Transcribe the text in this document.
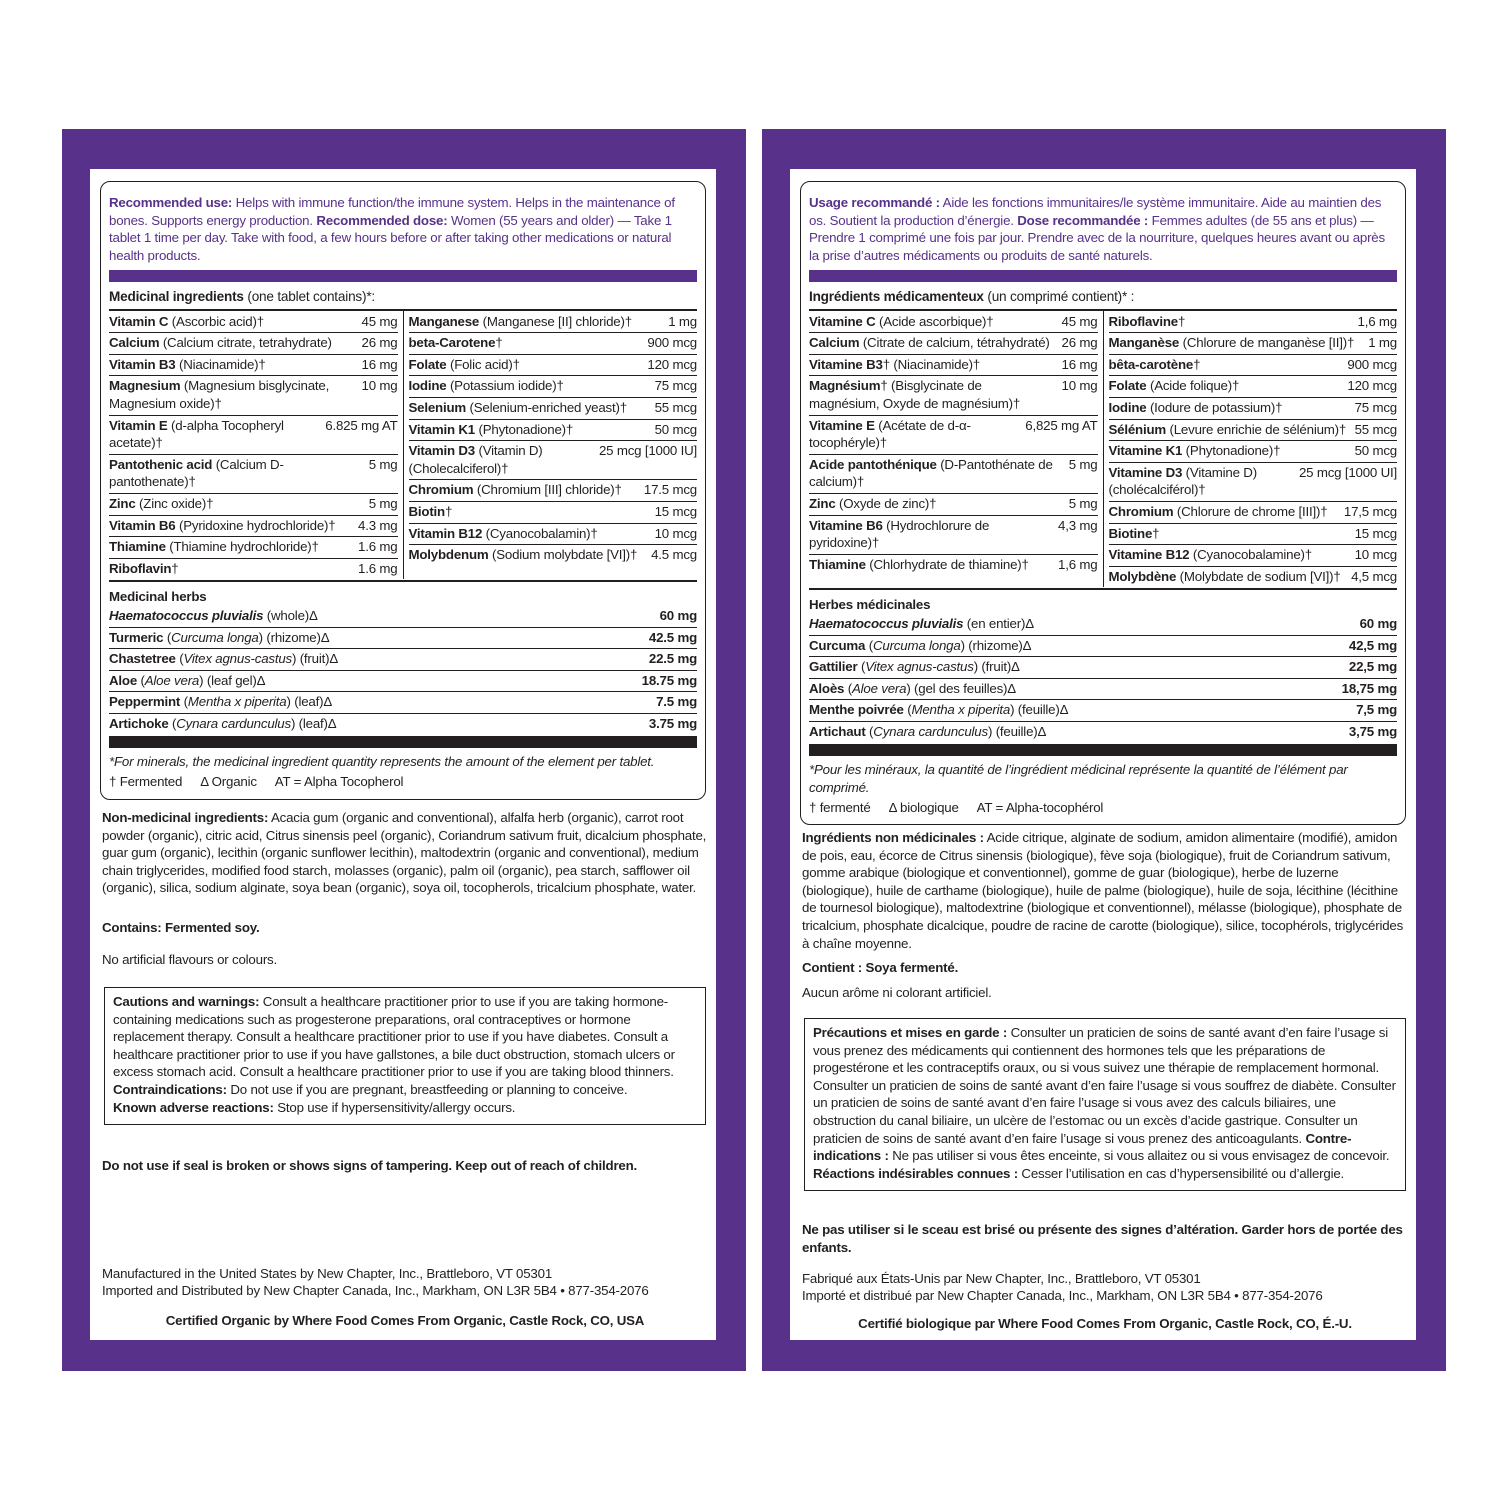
Recommended use: Helps with immune function/the immune system. Helps in the maintenance of bones. Supports energy production. Recommended dose: Women (55 years and older) — Take 1 tablet 1 time per day. Take with food, a few hours before or after taking other medications or natural health products.
Medicinal ingredients (one tablet contains)*:
Vitamin C (Ascorbic acid)†	45 mg
Calcium (Calcium citrate, tetrahydrate)	26 mg
Vitamin B3 (Niacinamide)†	16 mg
Magnesium (Magnesium bisglycinate, Magnesium oxide)†
10 mg
Vitamin E (d-alpha Tocopheryl acetate)†
6.825 mg AT
Pantothenic acid (Calcium D-pantothenate)†
5 mg
Zinc (Zinc oxide)†	5 mg
Vitamin B6 (Pyridoxine hydrochloride)†	4.3 mg
Thiamine (Thiamine hydrochloride)†	1.6 mg
Riboflavin†	1.6 mg
Manganese (Manganese [II] chloride)†	1 mg
beta-Carotene†	900 mcg
Folate (Folic acid)†	120 mcg
Iodine (Potassium iodide)†	75 mcg
Selenium (Selenium-enriched yeast)†	55 mcg
Vitamin K1 (Phytonadione)†	50 mcg
Vitamin D3 (Vitamin D) (Cholecalciferol)†
25 mcg [1000 IU]
Chromium (Chromium [III] chloride)†	17.5 mcg
Biotin†	15 mcg
Vitamin B12 (Cyanocobalamin)†	10 mcg
Molybdenum (Sodium molybdate [VI])†	4.5 mcg
Medicinal herbs
Haematococcus pluvialis (whole)Δ	60 mg
Turmeric (Curcuma longa) (rhizome)Δ	42.5 mg
Chastetree (Vitex agnus-castus) (fruit)Δ	22.5 mg
Aloe (Aloe vera) (leaf gel)Δ	18.75 mg
Peppermint (Mentha x piperita) (leaf)Δ	7.5 mg
Artichoke (Cynara cardunculus) (leaf)Δ	3.75 mg
*For minerals, the medicinal ingredient quantity represents the amount of the element per tablet.
† Fermented Δ Organic AT = Alpha Tocopherol
Non-medicinal ingredients: Acacia gum (organic and conventional), alfalfa herb (organic), carrot root powder (organic), citric acid, Citrus sinensis peel (organic), Coriandrum sativum fruit, dicalcium phosphate, guar gum (organic), lecithin (organic sunflower lecithin), maltodextrin (organic and conventional), medium chain triglycerides, modified food starch, molasses (organic), palm oil (organic), pea starch, safflower oil (organic), silica, sodium alginate, soya bean (organic), soya oil, tocopherols, tricalcium phosphate, water.
Contains: Fermented soy.
No artificial flavours or colours.
Cautions and warnings: Consult a healthcare practitioner prior to use if you are taking hormone-containing medications such as progesterone preparations, oral contraceptives or hormone replacement therapy. Consult a healthcare practitioner prior to use if you have diabetes. Consult a healthcare practitioner prior to use if you have gallstones, a bile duct obstruction, stomach ulcers or excess stomach acid. Consult a healthcare practitioner prior to use if you are taking blood thinners. Contraindications: Do not use if you are pregnant, breastfeeding or planning to conceive.
Known adverse reactions: Stop use if hypersensitivity/allergy occurs.
Do not use if seal is broken or shows signs of tampering. Keep out of reach of children.
Manufactured in the United States by New Chapter, Inc., Brattleboro, VT 05301
Imported and Distributed by New Chapter Canada, Inc., Markham, ON L3R 5B4 • 877-354-2076
Certified Organic by Where Food Comes From Organic, Castle Rock, CO, USA
Usage recommandé : Aide les fonctions immunitaires/le système immunitaire. Aide au maintien des os. Soutient la production d’énergie. Dose recommandée : Femmes adultes (de 55 ans et plus) — Prendre 1 comprimé une fois par jour. Prendre avec de la nourriture, quelques heures avant ou après la prise d’autres médicaments ou produits de santé naturels.
Ingrédients médicamenteux (un comprimé contient)* :
Vitamine C (Acide ascorbique)†	45 mg
Calcium (Citrate de calcium, tétrahydraté) 26 mg
Vitamine B3† (Niacinamide)†	16 mg
Magnésium† (Bisglycinate de magnésium, Oxyde de magnésium)†
10 mg
Vitamine E (Acétate de d-α-tocophéryle)†
6,825 mg AT
Acide pantothénique (D-Pantothénate de calcium)†
5 mg
Zinc (Oxyde de zinc)†	5 mg
Vitamine B6 (Hydrochlorure de pyridoxine)†
4,3 mg
Thiamine (Chlorhydrate de thiamine)†	1,6 mg
Riboflavine†	1,6 mg
Manganèse (Chlorure de manganèse [II])†	1 mg
bêta-carotène†	900 mcg
Folate (Acide folique)†	120 mcg
Iodine (Iodure de potassium)†	75 mcg
Sélénium (Levure enrichie de sélénium)† 55 mcg
Vitamine K1 (Phytonadione)†	50 mcg
Vitamine D3 (Vitamine D) (cholécalciférol)†
25 mcg [1000 UI]
Chromium (Chlorure de chrome [III])†	17,5 mcg
Biotine†	15 mcg
Vitamine B12 (Cyanocobalamine)†	10 mcg
Molybdène (Molybdate de sodium [VI])† 4,5 mcg
Herbes médicinales
Haematococcus pluvialis (en entier)Δ	60 mg
Curcuma (Curcuma longa) (rhizome)Δ	42,5 mg
Gattilier (Vitex agnus-castus) (fruit)Δ	22,5 mg
Aloès (Aloe vera) (gel des feuilles)Δ	18,75 mg
Menthe poivrée (Mentha x piperita) (feuille)Δ	7,5 mg
Artichaut (Cynara cardunculus) (feuille)Δ	3,75 mg
*Pour les minéraux, la quantité de l’ingrédient médicinal représente la quantité de l’élément par comprimé.
† fermenté Δ biologique AT = Alpha-tocophérol
Ingrédients non médicinales : Acide citrique, alginate de sodium, amidon alimentaire (modifié), amidon de pois, eau, écorce de Citrus sinensis (biologique), fève soja (biologique), fruit de Coriandrum sativum, gomme arabique (biologique et conventionnel), gomme de guar (biologique), herbe de luzerne (biologique), huile de carthame (biologique), huile de palme (biologique), huile de soja, lécithine (lécithine de tournesol biologique), maltodextrine (biologique et conventionnel), mélasse (biologique), phosphate de tricalcium, phosphate dicalcique, poudre de racine de carotte (biologique), silice, tocophérols, triglycérides à chaîne moyenne.
Contient : Soya fermenté.
Aucun arôme ni colorant artificiel.
Précautions et mises en garde : Consulter un praticien de soins de santé avant d’en faire l’usage si vous prenez des médicaments qui contiennent des hormones tels que les préparations de progestérone et les contraceptifs oraux, ou si vous suivez une thérapie de remplacement hormonal. Consulter un praticien de soins de santé avant d’en faire l’usage si vous souffrez de diabète. Consulter un praticien de soins de santé avant d’en faire l’usage si vous avez des calculs biliaires, une obstruction du canal biliaire, un ulcère de l’estomac ou un excès d’acide gastrique. Consulter un praticien de soins de santé avant d’en faire l’usage si vous prenez des anticoagulants. Contre-indications : Ne pas utiliser si vous êtes enceinte, si vous allaitez ou si vous envisagez de concevoir. Réactions indésirables connues : Cesser l’utilisation en cas d’hypersensibilité ou d’allergie.
Ne pas utiliser si le sceau est brisé ou présente des signes d’altération. Garder hors de portée des enfants.
Fabriqué aux États-Unis par New Chapter, Inc., Brattleboro, VT 05301
Importé et distribué par New Chapter Canada, Inc., Markham, ON L3R 5B4 • 877-354-2076
Certifié biologique par Where Food Comes From Organic, Castle Rock, CO, É.-U.
